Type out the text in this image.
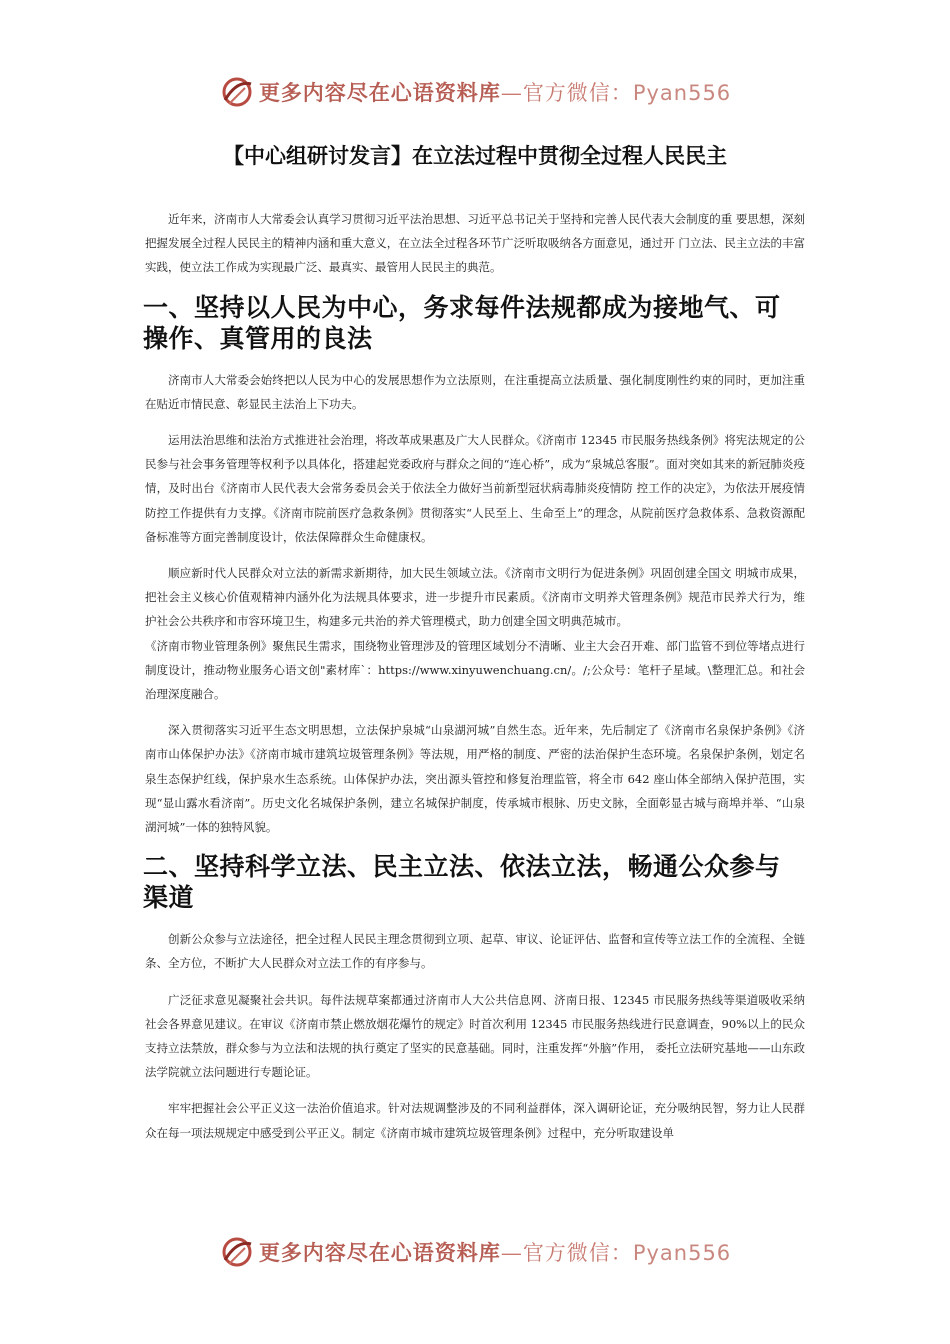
更多内容尽在心语资料库—官方微信：Pyan556
【中心组研讨发言】在立法过程中贯彻全过程人民民主

近年来，济南市人大常委会认真学习贯彻习近平法治思想、习近平总书记关于坚持和完善人民代表大会制度的重 要思想，深刻把握发展全过程人民民主的精神内涵和重大意义，在立法全过程各环节广泛听取吸纳各方面意见，通过开 门立法、民主立法的丰富实践，使立法工作成为实现最广泛、最真实、最管用人民民主的典范。

一、坚持以人民为中心，务求每件法规都成为接地气、可操作、真管用的良法

济南市人大常委会始终把以人民为中心的发展思想作为立法原则，在注重提高立法质量、强化制度刚性约束的同时，更加注重在贴近市情民意、彰显民主法治上下功夫。

运用法治思维和法治方式推进社会治理，将改革成果惠及广大人民群众。《济南市 12345 市民服务热线条例》将宪法规定的公民参与社会事务管理等权利予以具体化，搭建起党委政府与群众之间的“连心桥”，成为“泉城总客服”。面对突如其来的新冠肺炎疫情，及时出台《济南市人民代表大会常务委员会关于依法全力做好当前新型冠状病毒肺炎疫情防 控工作的决定》，为依法开展疫情防控工作提供有力支撑。《济南市院前医疗急救条例》贯彻落实“人民至上、生命至上”的理念，从院前医疗急救体系、急救资源配备标准等方面完善制度设计，依法保障群众生命健康权。

顺应新时代人民群众对立法的新需求新期待，加大民生领域立法。《济南市文明行为促进条例》巩固创建全国文 明城市成果，把社会主义核心价值观精神内涵外化为法规具体要求，进一步提升市民素质。《济南市文明养犬管理条例》规范市民养犬行为，维护社会公共秩序和市容环境卫生，构建多元共治的养犬管理模式，助力创建全国文明典范城市。

《济南市物业管理条例》聚焦民生需求，围绕物业管理涉及的管理区域划分不清晰、业主大会召开难、部门监管不到位等堵点进行制度设计，推动物业服务心语文创"素材库`：https://www.xinyuwenchuang.cn/。/;公众号：笔杆子星域。\整理汇总。和社会治理深度融合。

深入贯彻落实习近平生态文明思想，立法保护泉城“山泉湖河城”自然生态。近年来，先后制定了《济南市名泉保护条例》《济南市山体保护办法》《济南市城市建筑垃圾管理条例》等法规，用严格的制度、严密的法治保护生态环境。名泉保护条例，划定名泉生态保护红线，保护泉水生态系统。山体保护办法，突出源头管控和修复治理监管，将全市 642 座山体全部纳入保护范围，实现“显山露水看济南”。历史文化名城保护条例，建立名城保护制度，传承城市根脉、历史文脉，全面彰显古城与商埠并举、“山泉湖河城”一体的独特风貌。

二、坚持科学立法、民主立法、依法立法，畅通公众参与渠道

创新公众参与立法途径，把全过程人民民主理念贯彻到立项、起草、审议、论证评估、监督和宣传等立法工作的全流程、全链条、全方位，不断扩大人民群众对立法工作的有序参与。

广泛征求意见凝聚社会共识。每件法规草案都通过济南市人大公共信息网、济南日报、12345 市民服务热线等渠道吸收采纳社会各界意见建议。在审议《济南市禁止燃放烟花爆竹的规定》时首次利用 12345 市民服务热线进行民意调查，90%以上的民众支持立法禁放，群众参与为立法和法规的执行奠定了坚实的民意基础。同时，注重发挥“外脑”作用， 委托立法研究基地——山东政法学院就立法问题进行专题论证。

牢牢把握社会公平正义这一法治价值追求。针对法规调整涉及的不同利益群体，深入调研论证，充分吸纳民智，努力让人民群众在每一项法规规定中感受到公平正义。制定《济南市城市建筑垃圾管理条例》过程中，充分听取建设单

更多内容尽在心语资料库—官方微信：Pyan556
